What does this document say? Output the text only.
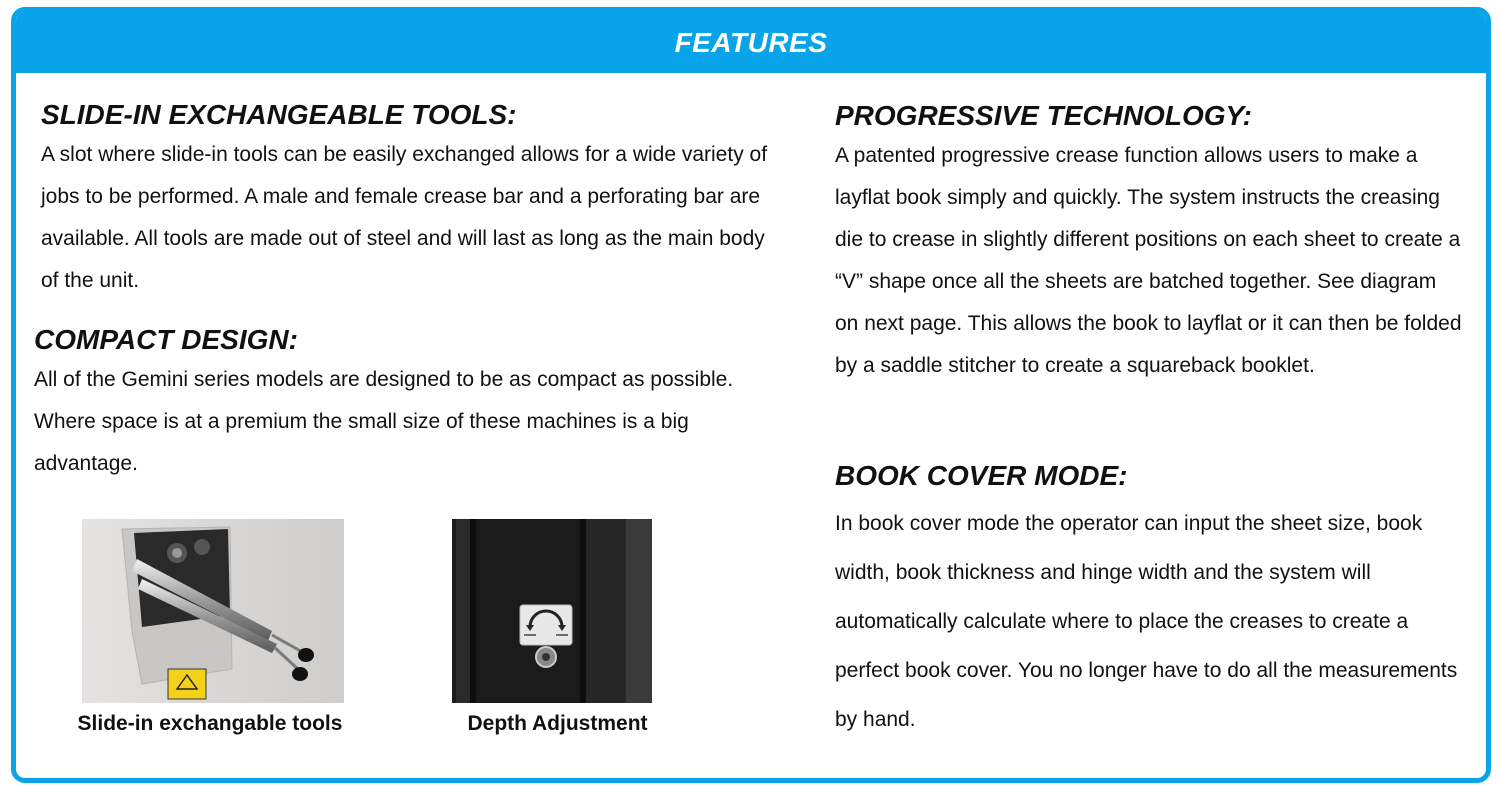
FEATURES
SLIDE-IN EXCHANGEABLE TOOLS:

A slot where slide-in tools can be easily exchanged allows for a wide variety of jobs to be performed. A male and female crease bar and a perforating bar are available. All tools are made out of steel and will last as long as the main body of the unit.

COMPACT DESIGN:

All of the Gemini series models are designed to be as compact as possible. Where space is at a premium the small size of these machines is a big advantage.

PROGRESSIVE TECHNOLOGY:

A patented progressive crease function allows users to make a layflat book simply and quickly. The system instructs the creasing die to crease in slightly different positions on each sheet to create a “V” shape once all the sheets are batched together. See diagram on next page. This allows the book to layflat or it can then be folded by a saddle stitcher to create a squareback booklet.

BOOK COVER MODE:

In book cover mode the operator can input the sheet size, book width, book thickness and hinge width and the system will automatically calculate where to place the creases to create a perfect book cover. You no longer have to do all the measurements by hand.

Slide-in exchangable tools	Depth Adjustment
